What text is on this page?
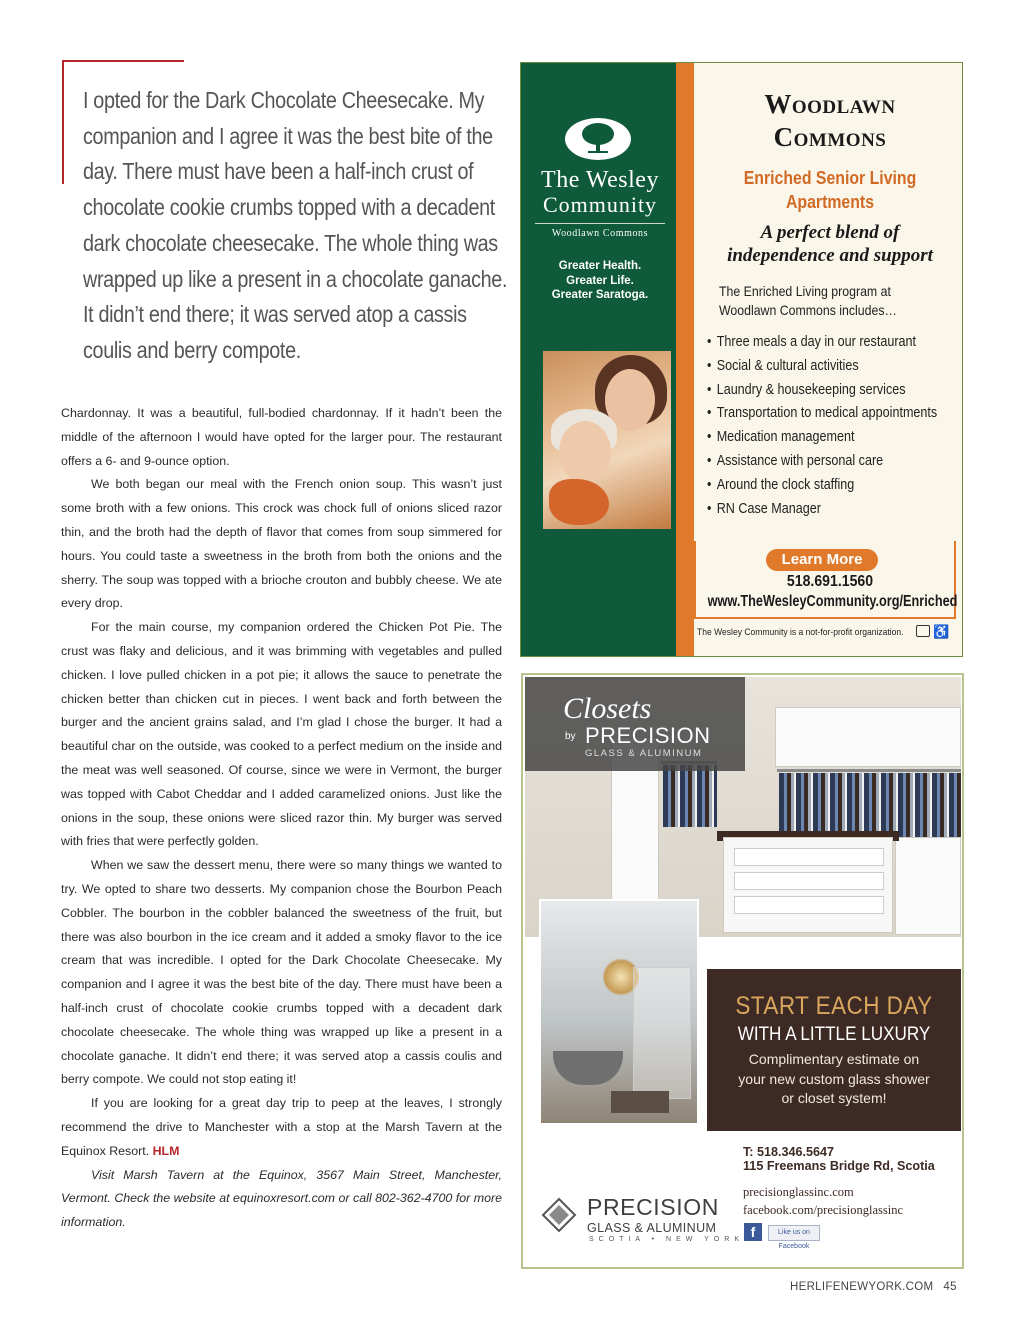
I opted for the Dark Chocolate Cheesecake. My
companion and I agree it was the best bite of the
day. There must have been a half-inch crust of
chocolate cookie crumbs topped with a decadent
dark chocolate cheesecake. The whole thing was
wrapped up like a present in a chocolate ganache.
It didn’t end there; it was served atop a cassis
coulis and berry compote.

Chardonnay. It was a beautiful, full-bodied chardonnay. If it hadn’t been the middle of the afternoon I would have opted for the larger pour. The restaurant offers a 6- and 9-ounce option.

We both began our meal with the French onion soup. This wasn’t just some broth with a few onions. This crock was chock full of onions sliced razor thin, and the broth had the depth of flavor that comes from soup simmered for hours. You could taste a sweetness in the broth from both the onions and the sherry. The soup was topped with a brioche crouton and bubbly cheese. We ate every drop.

For the main course, my companion ordered the Chicken Pot Pie. The crust was flaky and delicious, and it was brimming with vegetables and pulled chicken. I love pulled chicken in a pot pie; it allows the sauce to penetrate the chicken better than chicken cut in pieces. I went back and forth between the burger and the ancient grains salad, and I’m glad I chose the burger. It had a beautiful char on the outside, was cooked to a perfect medium on the inside and the meat was well seasoned. Of course, since we were in Vermont, the burger was topped with Cabot Cheddar and I added caramelized onions. Just like the onions in the soup, these onions were sliced razor thin. My burger was served with fries that were perfectly golden.

When we saw the dessert menu, there were so many things we wanted to try. We opted to share two desserts. My companion chose the Bourbon Peach Cobbler. The bourbon in the cobbler balanced the sweetness of the fruit, but there was also bourbon in the ice cream and it added a smoky flavor to the ice cream that was incredible. I opted for the Dark Chocolate Cheesecake. My companion and I agree it was the best bite of the day. There must have been a half-inch crust of chocolate cookie crumbs topped with a decadent dark chocolate cheesecake. The whole thing was wrapped up like a present in a chocolate ganache. It didn’t end there; it was served atop a cassis coulis and berry compote. We could not stop eating it!

If you are looking for a great day trip to peep at the leaves, I strongly recommend the drive to Manchester with a stop at the Marsh Tavern at the Equinox Resort. HLM

Visit Marsh Tavern at the Equinox, 3567 Main Street, Manchester, Vermont. Check the website at equinoxresort.com or call 802-362-4700 for more information.

The Wesley
Community
Woodlawn Commons
Greater Health.
Greater Life.
Greater Saratoga.
Woodlawn
Commons
Enriched Senior Living
Apartments
A perfect blend of
independence and support
The Enriched Living program at
Woodlawn Commons includes…
• Three meals a day in our restaurant
• Social & cultural activities
• Laundry & housekeeping services
• Transportation to medical appointments
• Medication management
• Assistance with personal care
• Around the clock staffing
• RN Case Manager
Learn More
518.691.1560
www.TheWesleyCommunity.org/Enriched
The Wesley Community is a not-for-profit organization.	♿
Closets
by PRECISION
GLASS & ALUMINUM
START EACH DAY
WITH A LITTLE LUXURY
Complimentary estimate on
your new custom glass shower
or closet system!
T: 518.346.5647
115 Freemans Bridge Rd, Scotia
precisionglassinc.com
facebook.com/precisionglassinc
f	Like us on Facebook
PRECISION
GLASS & ALUMINUM
SCOTIA • NEW YORK
HERLIFENEWYORK.COM 45
